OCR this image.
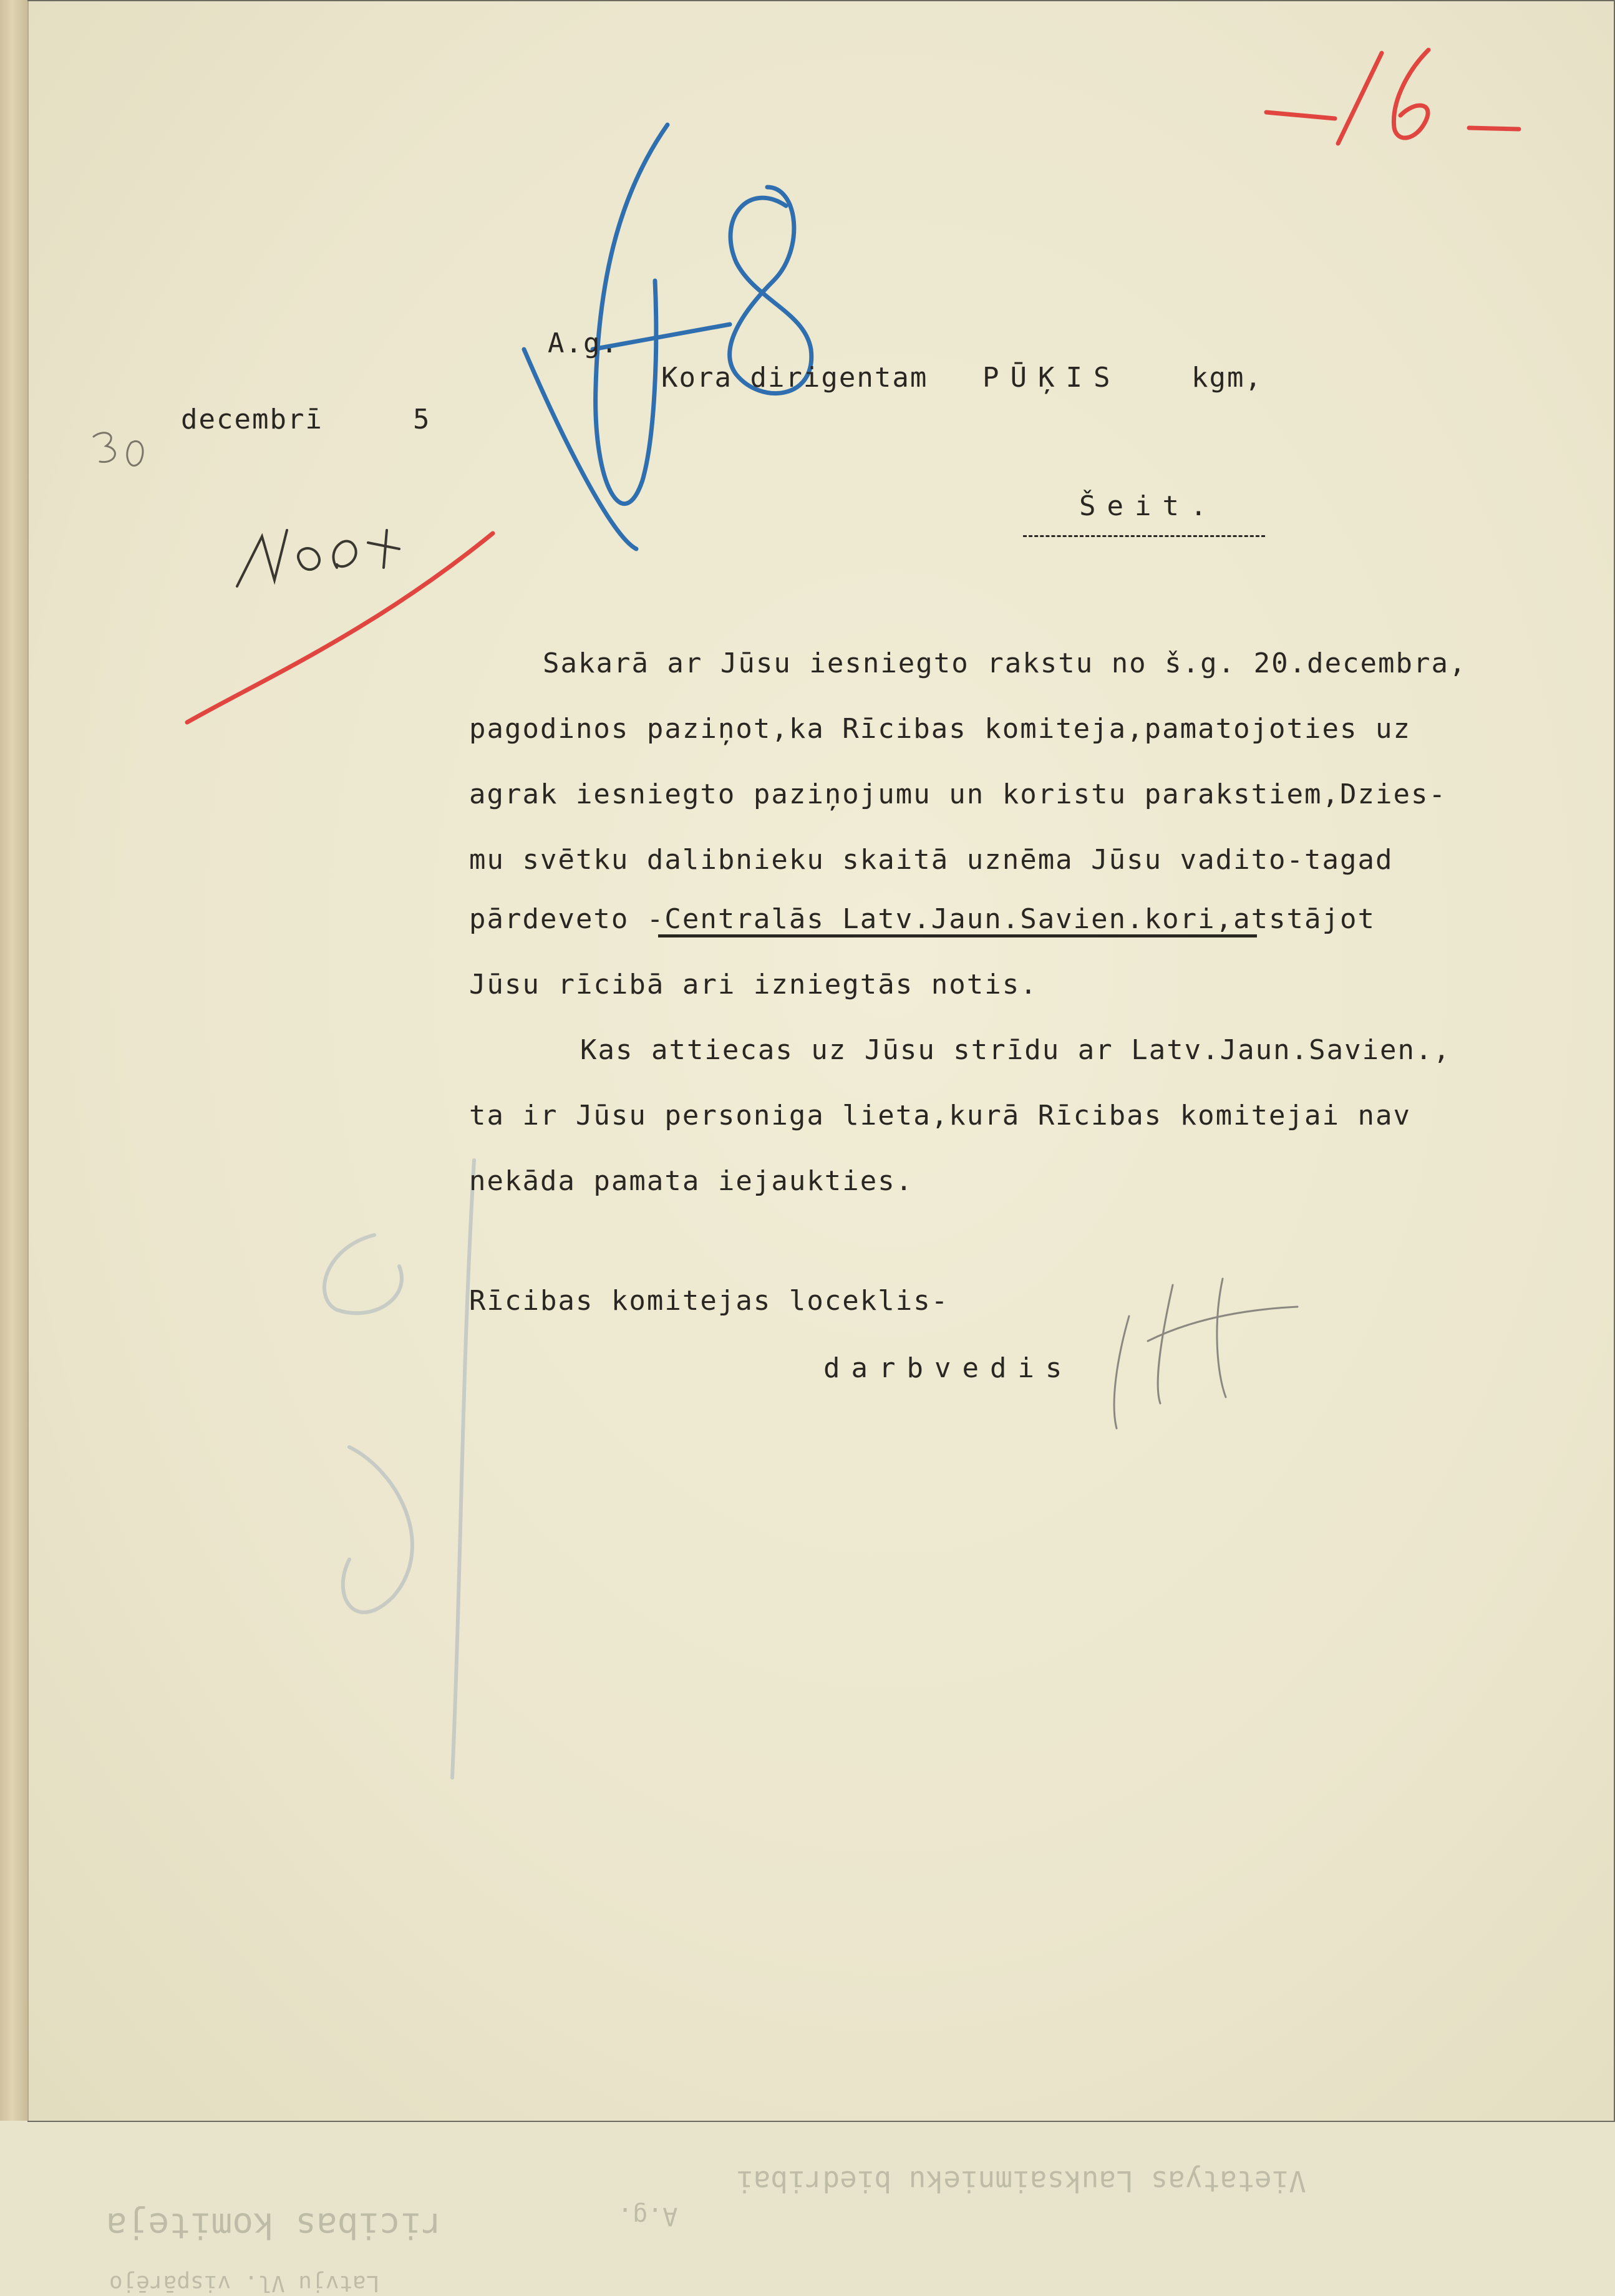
Vietatyas Lauksaimnieku biedribai
A.g.
ricibas komiteja
Latvju Vl. vispārējo
decembrī	5
A.g.
Kora dirigentam PŪĶIS	kgm,
Šeit.
Sakarā ar Jūsu iesniegto rakstu no š.g. 20.decembra,
pagodinos paziņot,ka Rīcibas komiteja,pamatojoties uz
agrak iesniegto paziņojumu un koristu parakstiem,Dzies-
mu svētku dalibnieku skaitā uznēma Jūsu vadito-tagad
pārdeveto -Centralās Latv.Jaun.Savien.kori,atstājot
Jūsu rīcibā ari izniegtās notis.
Kas attiecas uz Jūsu strīdu ar Latv.Jaun.Savien.,
ta ir Jūsu personiga lieta,kurā Rīcibas komitejai nav
nekāda pamata iejaukties.
Rīcibas komitejas loceklis-
darbvedis
